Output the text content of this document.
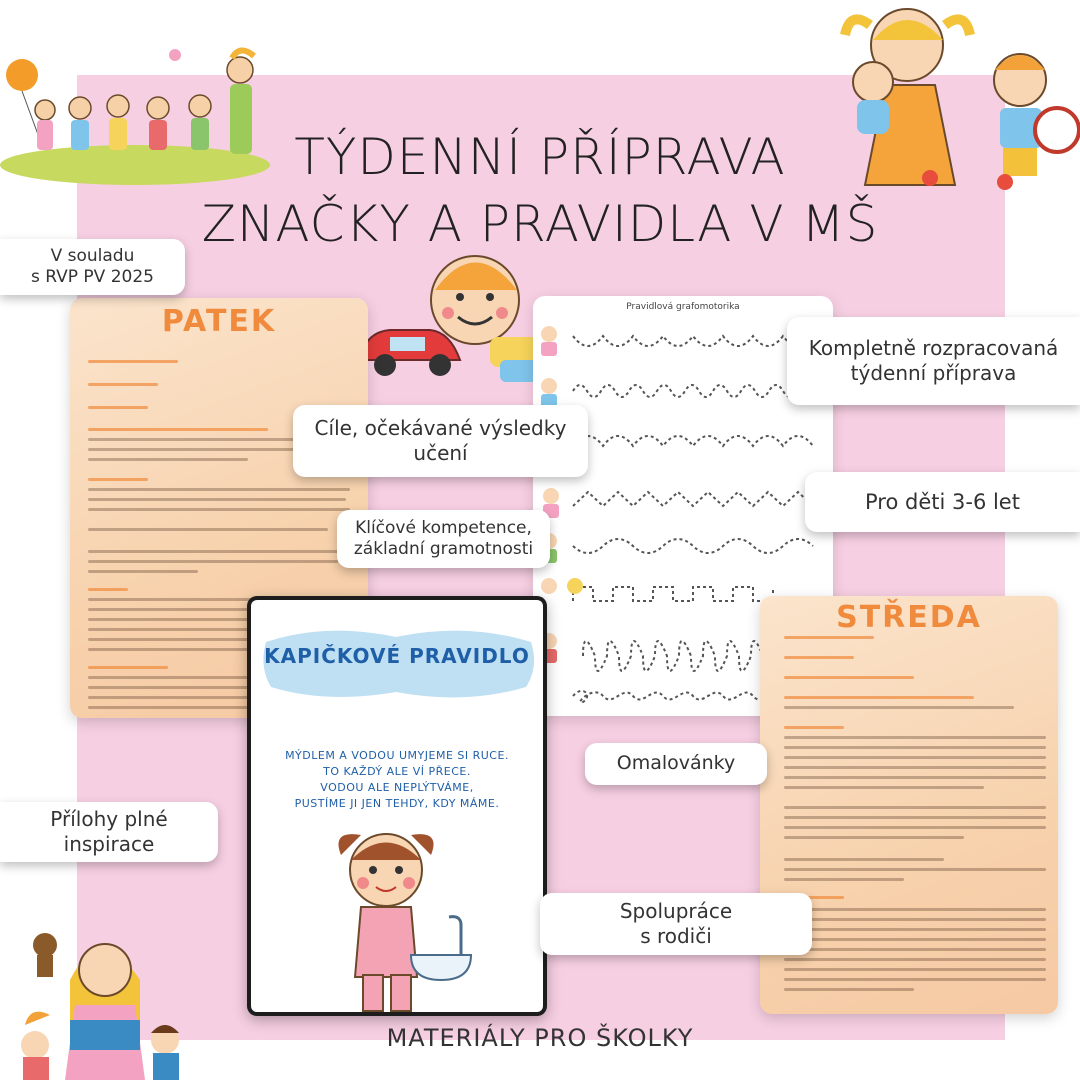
TÝDENNÍ PŘÍPRAVA
ZNAČKY A PRAVIDLA V MŠ
PATEK	Pravidlová grafomotorika
KAPIČKOVÉ PRAVIDLO
MÝDLEM A VODOU UMYJEME SI RUCE.
TO KAŽDÝ ALE VÍ PŘECE.
VODOU ALE NEPLÝTVÁME,
PUSTÍME JI JEN TEHDY, KDY MÁME.
STŘEDA
V souladu
s RVP PV 2025
Kompletně rozpracovaná
týdenní příprava
Cíle, očekávané výsledky
učení
Pro děti 3-6 let
Klíčové kompetence,
základní gramotnosti
Omalovánky
Přílohy plné
inspirace
Spolupráce
s rodiči
MATERIÁLY PRO ŠKOLKY
